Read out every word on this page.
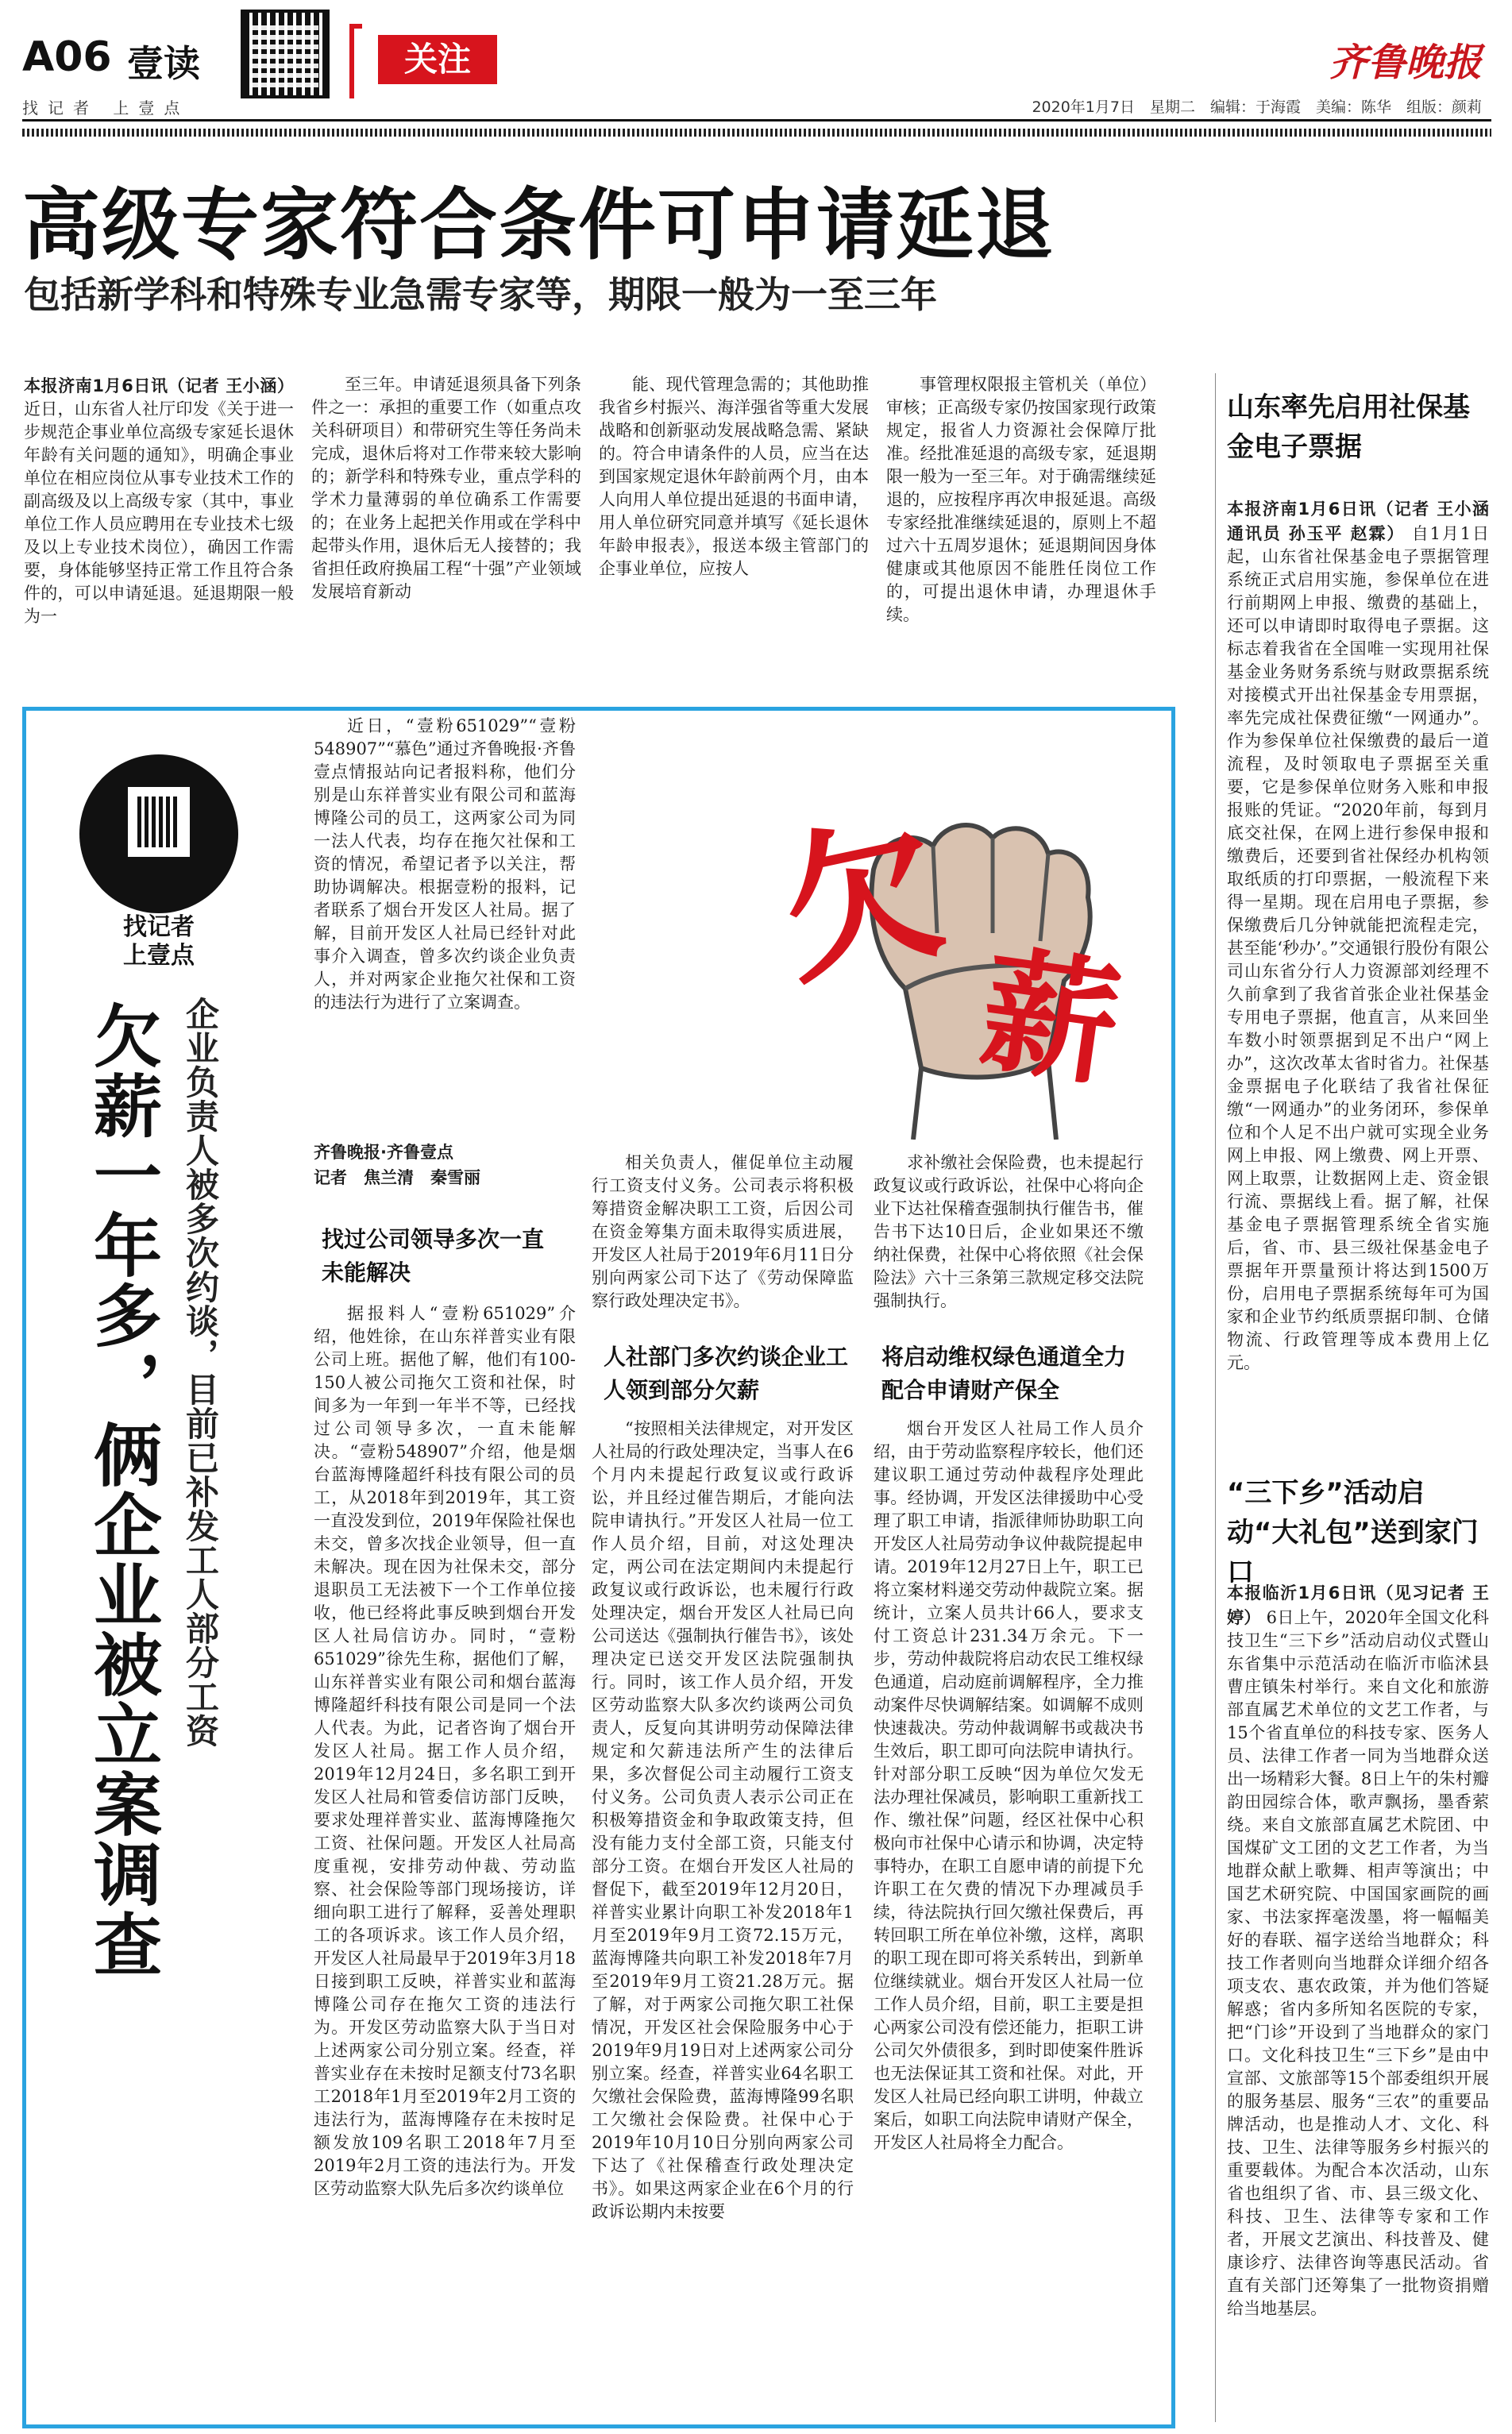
A06 壹读	关注	齐鲁晚报
找记者 上壹点	2020年1月7日　星期二　编辑：于海霞　美编：陈华　组版：颜莉
高级专家符合条件可申请延退
包括新学科和特殊专业急需专家等，期限一般为一至三年
本报济南1月6日讯（记者 王小涵） 近日，山东省人社厅印发《关于进一步规范企事业单位高级专家延长退休年龄有关问题的通知》，明确企事业单位在相应岗位从事专业技术工作的副高级及以上高级专家（其中，事业单位工作人员应聘用在专业技术七级及以上专业技术岗位），确因工作需要，身体能够坚持正常工作且符合条件的，可以申请延退。延退期限一般为一
至三年。申请延退须具备下列条件之一：承担的重要工作（如重点攻关科研项目）和带研究生等任务尚未完成，退休后将对工作带来较大影响的；新学科和特殊专业，重点学科的学术力量薄弱的单位确系工作需要的；在业务上起把关作用或在学科中起带头作用，退休后无人接替的；我省担任政府换届工程“十强”产业领域发展培育新动
能、现代管理急需的；其他助推我省乡村振兴、海洋强省等重大发展战略和创新驱动发展战略急需、紧缺的。符合申请条件的人员，应当在达到国家规定退休年龄前两个月，由本人向用人单位提出延退的书面申请，用人单位研究同意并填写《延长退休年龄申报表》，报送本级主管部门的企事业单位，应按人
事管理权限报主管机关（单位）审核；正高级专家仍按国家现行政策规定，报省人力资源社会保障厅批准。经批准延退的高级专家，延退期限一般为一至三年。对于确需继续延退的，应按程序再次申报延退。高级专家经批准继续延退的，原则上不超过六十五周岁退休；延退期间因身体健康或其他原因不能胜任岗位工作的，可提出退休申请，办理退休手续。
山东率先启用社保基金电子票据
本报济南1月6日讯（记者 王小涵 通讯员 孙玉平 赵霖） 自1月1日起，山东省社保基金电子票据管理系统正式启用实施，参保单位在进行前期网上申报、缴费的基础上，还可以申请即时取得电子票据。这标志着我省在全国唯一实现用社保基金业务财务系统与财政票据系统对接模式开出社保基金专用票据，率先完成社保费征缴“一网通办”。作为参保单位社保缴费的最后一道流程，及时领取电子票据至关重要，它是参保单位财务入账和申报报账的凭证。“2020年前，每到月底交社保，在网上进行参保申报和缴费后，还要到省社保经办机构领取纸质的打印票据，一般流程下来得一星期。现在启用电子票据，参保缴费后几分钟就能把流程走完，甚至能‘秒办’。”交通银行股份有限公司山东省分行人力资源部刘经理不久前拿到了我省首张企业社保基金专用电子票据，他直言，从来回坐车数小时领票据到足不出户“网上办”，这次改革太省时省力。社保基金票据电子化联结了我省社保征缴“一网通办”的业务闭环，参保单位和个人足不出户就可实现全业务网上申报、网上缴费、网上开票、网上取票，让数据网上走、资金银行流、票据线上看。据了解，社保基金电子票据管理系统全省实施后，省、市、县三级社保基金电子票据年开票量预计将达到1500万份，启用电子票据系统每年可为国家和企业节约纸质票据印制、仓储物流、行政管理等成本费用上亿元。
“三下乡”活动启动“大礼包”送到家门口
本报临沂1月6日讯（见习记者 王婷） 6日上午，2020年全国文化科技卫生“三下乡”活动启动仪式暨山东省集中示范活动在临沂市临沭县曹庄镇朱村举行。来自文化和旅游部直属艺术单位的文艺工作者，与15个省直单位的科技专家、医务人员、法律工作者一同为当地群众送出一场精彩大餐。8日上午的朱村瓣韵田园综合体，歌声飘扬，墨香萦绕。来自文旅部直属艺术院团、中国煤矿文工团的文艺工作者，为当地群众献上歌舞、相声等演出；中国艺术研究院、中国国家画院的画家、书法家挥毫泼墨，将一幅幅美好的春联、福字送给当地群众；科技工作者则向当地群众详细介绍各项支农、惠农政策，并为他们答疑解惑；省内多所知名医院的专家，把“门诊”开设到了当地群众的家门口。文化科技卫生“三下乡”是由中宣部、文旅部等15个部委组织开展的服务基层、服务“三农”的重要品牌活动，也是推动人才、文化、科技、卫生、法律等服务乡村振兴的重要载体。为配合本次活动，山东省也组织了省、市、县三级文化、科技、卫生、法律等专家和工作者，开展文艺演出、科技普及、健康诊疗、法律咨询等惠民活动。省直有关部门还筹集了一批物资捐赠给当地基层。
找记者
上壹点
欠薪一年多，俩企业被立案调查 企业负责人被多次约谈，目前已补发工人部分工资
近日，“壹粉651029”“壹粉548907”“慕色”通过齐鲁晚报·齐鲁壹点情报站向记者报料称，他们分别是山东祥普实业有限公司和蓝海博隆公司的员工，这两家公司为同一法人代表，均存在拖欠社保和工资的情况，希望记者予以关注，帮助协调解决。根据壹粉的报料，记者联系了烟台开发区人社局。据了解，目前开发区人社局已经针对此事介入调查，曾多次约谈企业负责人，并对两家企业拖欠社保和工资的违法行为进行了立案调查。 欠
薪
齐鲁晚报·齐鲁壹点
记者　焦兰清　秦雪丽
找过公司领导多次一直未能解决
据报料人“壹粉651029”介绍，他姓徐，在山东祥普实业有限公司上班。据他了解，他们有100-150人被公司拖欠工资和社保，时间多为一年到一年半不等，已经找过公司领导多次，一直未能解决。“壹粉548907”介绍，他是烟台蓝海博隆超纤科技有限公司的员工，从2018年到2019年，其工资一直没发到位，2019年保险社保也未交，曾多次找企业领导，但一直未解决。现在因为社保未交，部分退职员工无法被下一个工作单位接收，他已经将此事反映到烟台开发区人社局信访办。同时，“壹粉651029”徐先生称，据他们了解，山东祥普实业有限公司和烟台蓝海博隆超纤科技有限公司是同一个法人代表。为此，记者咨询了烟台开发区人社局。据工作人员介绍，2019年12月24日，多名职工到开发区人社局和管委信访部门反映，要求处理祥普实业、蓝海博隆拖欠工资、社保问题。开发区人社局高度重视，安排劳动仲裁、劳动监察、社会保险等部门现场接访，详细向职工进行了解释，妥善处理职工的各项诉求。该工作人员介绍，开发区人社局最早于2019年3月18日接到职工反映，祥普实业和蓝海博隆公司存在拖欠工资的违法行为。开发区劳动监察大队于当日对上述两家公司分别立案。经查，祥普实业存在未按时足额支付73名职工2018年1月至2019年2月工资的违法行为，蓝海博隆存在未按时足额发放109名职工2018年7月至2019年2月工资的违法行为。开发区劳动监察大队先后多次约谈单位
相关负责人，催促单位主动履行工资支付义务。公司表示将积极筹措资金解决职工工资，后因公司在资金筹集方面未取得实质进展，开发区人社局于2019年6月11日分别向两家公司下达了《劳动保障监察行政处理决定书》。
人社部门多次约谈企业工人领到部分欠薪
“按照相关法律规定，对开发区人社局的行政处理决定，当事人在6个月内未提起行政复议或行政诉讼，并且经过催告期后，才能向法院申请执行。”开发区人社局一位工作人员介绍，目前，对这处理决定，两公司在法定期间内未提起行政复议或行政诉讼，也未履行行政处理决定，烟台开发区人社局已向公司送达《强制执行催告书》，该处理决定已送交开发区法院强制执行。同时，该工作人员介绍，开发区劳动监察大队多次约谈两公司负责人，反复向其讲明劳动保障法律规定和欠薪违法所产生的法律后果，多次督促公司主动履行工资支付义务。公司负责人表示公司正在积极筹措资金和争取政策支持，但没有能力支付全部工资，只能支付部分工资。在烟台开发区人社局的督促下，截至2019年12月20日，祥普实业累计向职工补发2018年1月至2019年9月工资72.15万元，蓝海博隆共向职工补发2018年7月至2019年9月工资21.28万元。据了解，对于两家公司拖欠职工社保情况，开发区社会保险服务中心于2019年9月19日对上述两家公司分别立案。经查，祥普实业64名职工欠缴社会保险费，蓝海博隆99名职工欠缴社会保险费。社保中心于2019年10月10日分别向两家公司下达了《社保稽查行政处理决定书》。如果这两家企业在6个月的行政诉讼期内未按要
求补缴社会保险费，也未提起行政复议或行政诉讼，社保中心将向企业下达社保稽查强制执行催告书，催告书下达10日后，企业如果还不缴纳社保费，社保中心将依照《社会保险法》六十三条第三款规定移交法院强制执行。
将启动维权绿色通道全力配合申请财产保全
烟台开发区人社局工作人员介绍，由于劳动监察程序较长，他们还建议职工通过劳动仲裁程序处理此事。经协调，开发区法律援助中心受理了职工申请，指派律师协助职工向开发区人社局劳动争议仲裁院提起申请。2019年12月27日上午，职工已将立案材料递交劳动仲裁院立案。据统计，立案人员共计66人，要求支付工资总计231.34万余元。下一步，劳动仲裁院将启动农民工维权绿色通道，启动庭前调解程序，全力推动案件尽快调解结案。如调解不成则快速裁决。劳动仲裁调解书或裁决书生效后，职工即可向法院申请执行。针对部分职工反映“因为单位欠发无法办理社保减员，影响职工重新找工作、缴社保”问题，经区社保中心积极向市社保中心请示和协调，决定特事特办，在职工自愿申请的前提下允许职工在欠费的情况下办理减员手续，待法院执行回欠缴社保费后，再转回职工所在单位补缴，这样，离职的职工现在即可将关系转出，到新单位继续就业。烟台开发区人社局一位工作人员介绍，目前，职工主要是担心两家公司没有偿还能力，拒职工讲公司欠外债很多，到时即使案件胜诉也无法保证其工资和社保。对此，开发区人社局已经向职工讲明，仲裁立案后，如职工向法院申请财产保全，开发区人社局将全力配合。
